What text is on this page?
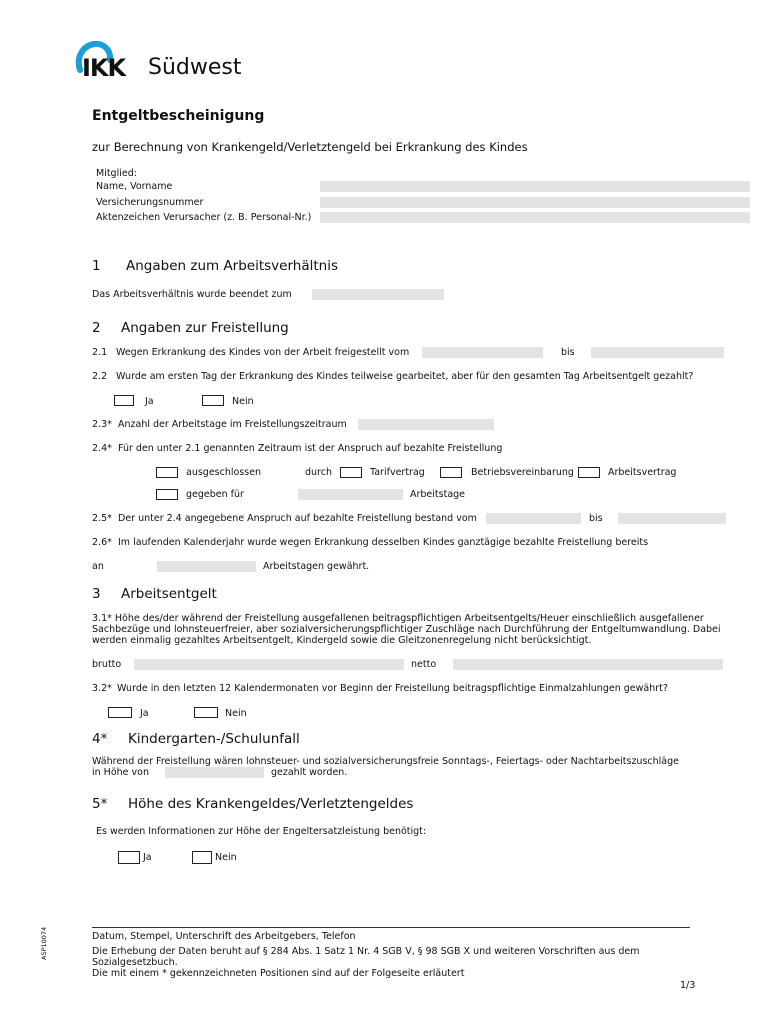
IKK Südwest
Entgeltbescheinigung
zur Berechnung von Krankengeld/Verletztengeld bei Erkrankung des Kindes
Mitglied:
Name, Vorname
Versicherungsnummer
Aktenzeichen Verursacher (z. B. Personal-Nr.)
1 Angaben zum Arbeitsverhältnis
Das Arbeitsverhältnis wurde beendet zum
2 Angaben zur Freistellung
2.1 Wegen Erkrankung des Kindes von der Arbeit freigestellt vom	bis
2.2 Wurde am ersten Tag der Erkrankung des Kindes teilweise gearbeitet, aber für den gesamten Tag Arbeitsentgelt gezahlt?
Ja	Nein
2.3* Anzahl der Arbeitstage im Freistellungszeitraum
2.4* Für den unter 2.1 genannten Zeitraum ist der Anspruch auf bezahlte Freistellung
ausgeschlossen	durch	Tarifvertrag	Betriebsvereinbarung	Arbeitsvertrag
gegeben für	Arbeitstage
2.5* Der unter 2.4 angegebene Anspruch auf bezahlte Freistellung bestand vom	bis
2.6* Im laufenden Kalenderjahr wurde wegen Erkrankung desselben Kindes ganztägige bezahlte Freistellung bereits
an	Arbeitstagen gewährt.
3 Arbeitsentgelt
3.1* Höhe des/der während der Freistellung ausgefallenen beitragspflichtigen Arbeitsentgelts/Heuer einschließlich ausgefallener
Sachbezüge und lohnsteuerfreier, aber sozialversicherungspflichtiger Zuschläge nach Durchführung der Entgeltumwandlung. Dabei
werden einmalig gezahltes Arbeitsentgelt, Kindergeld sowie die Gleitzonenregelung nicht berücksichtigt.
brutto	netto
3.2* Wurde in den letzten 12 Kalendermonaten vor Beginn der Freistellung beitragspflichtige Einmalzahlungen gewährt?
Ja	Nein
4* Kindergarten-/Schulunfall
Während der Freistellung wären lohnsteuer- und sozialversicherungsfreie Sonntags-, Feiertags- oder Nachtarbeitszuschläge
in Höhe von	gezahlt worden.
5* Höhe des Krankengeldes/Verletztengeldes
Es werden Informationen zur Höhe der Engeltersatzleistung benötigt:
Ja	Nein
ASP10074	Datum, Stempel, Unterschrift des Arbeitgebers, Telefon
Die Erhebung der Daten beruht auf § 284 Abs. 1 Satz 1 Nr. 4 SGB V, § 98 SGB X und weiteren Vorschriften aus dem
Sozialgesetzbuch.
Die mit einem * gekennzeichneten Positionen sind auf der Folgeseite erläutert
1/3
